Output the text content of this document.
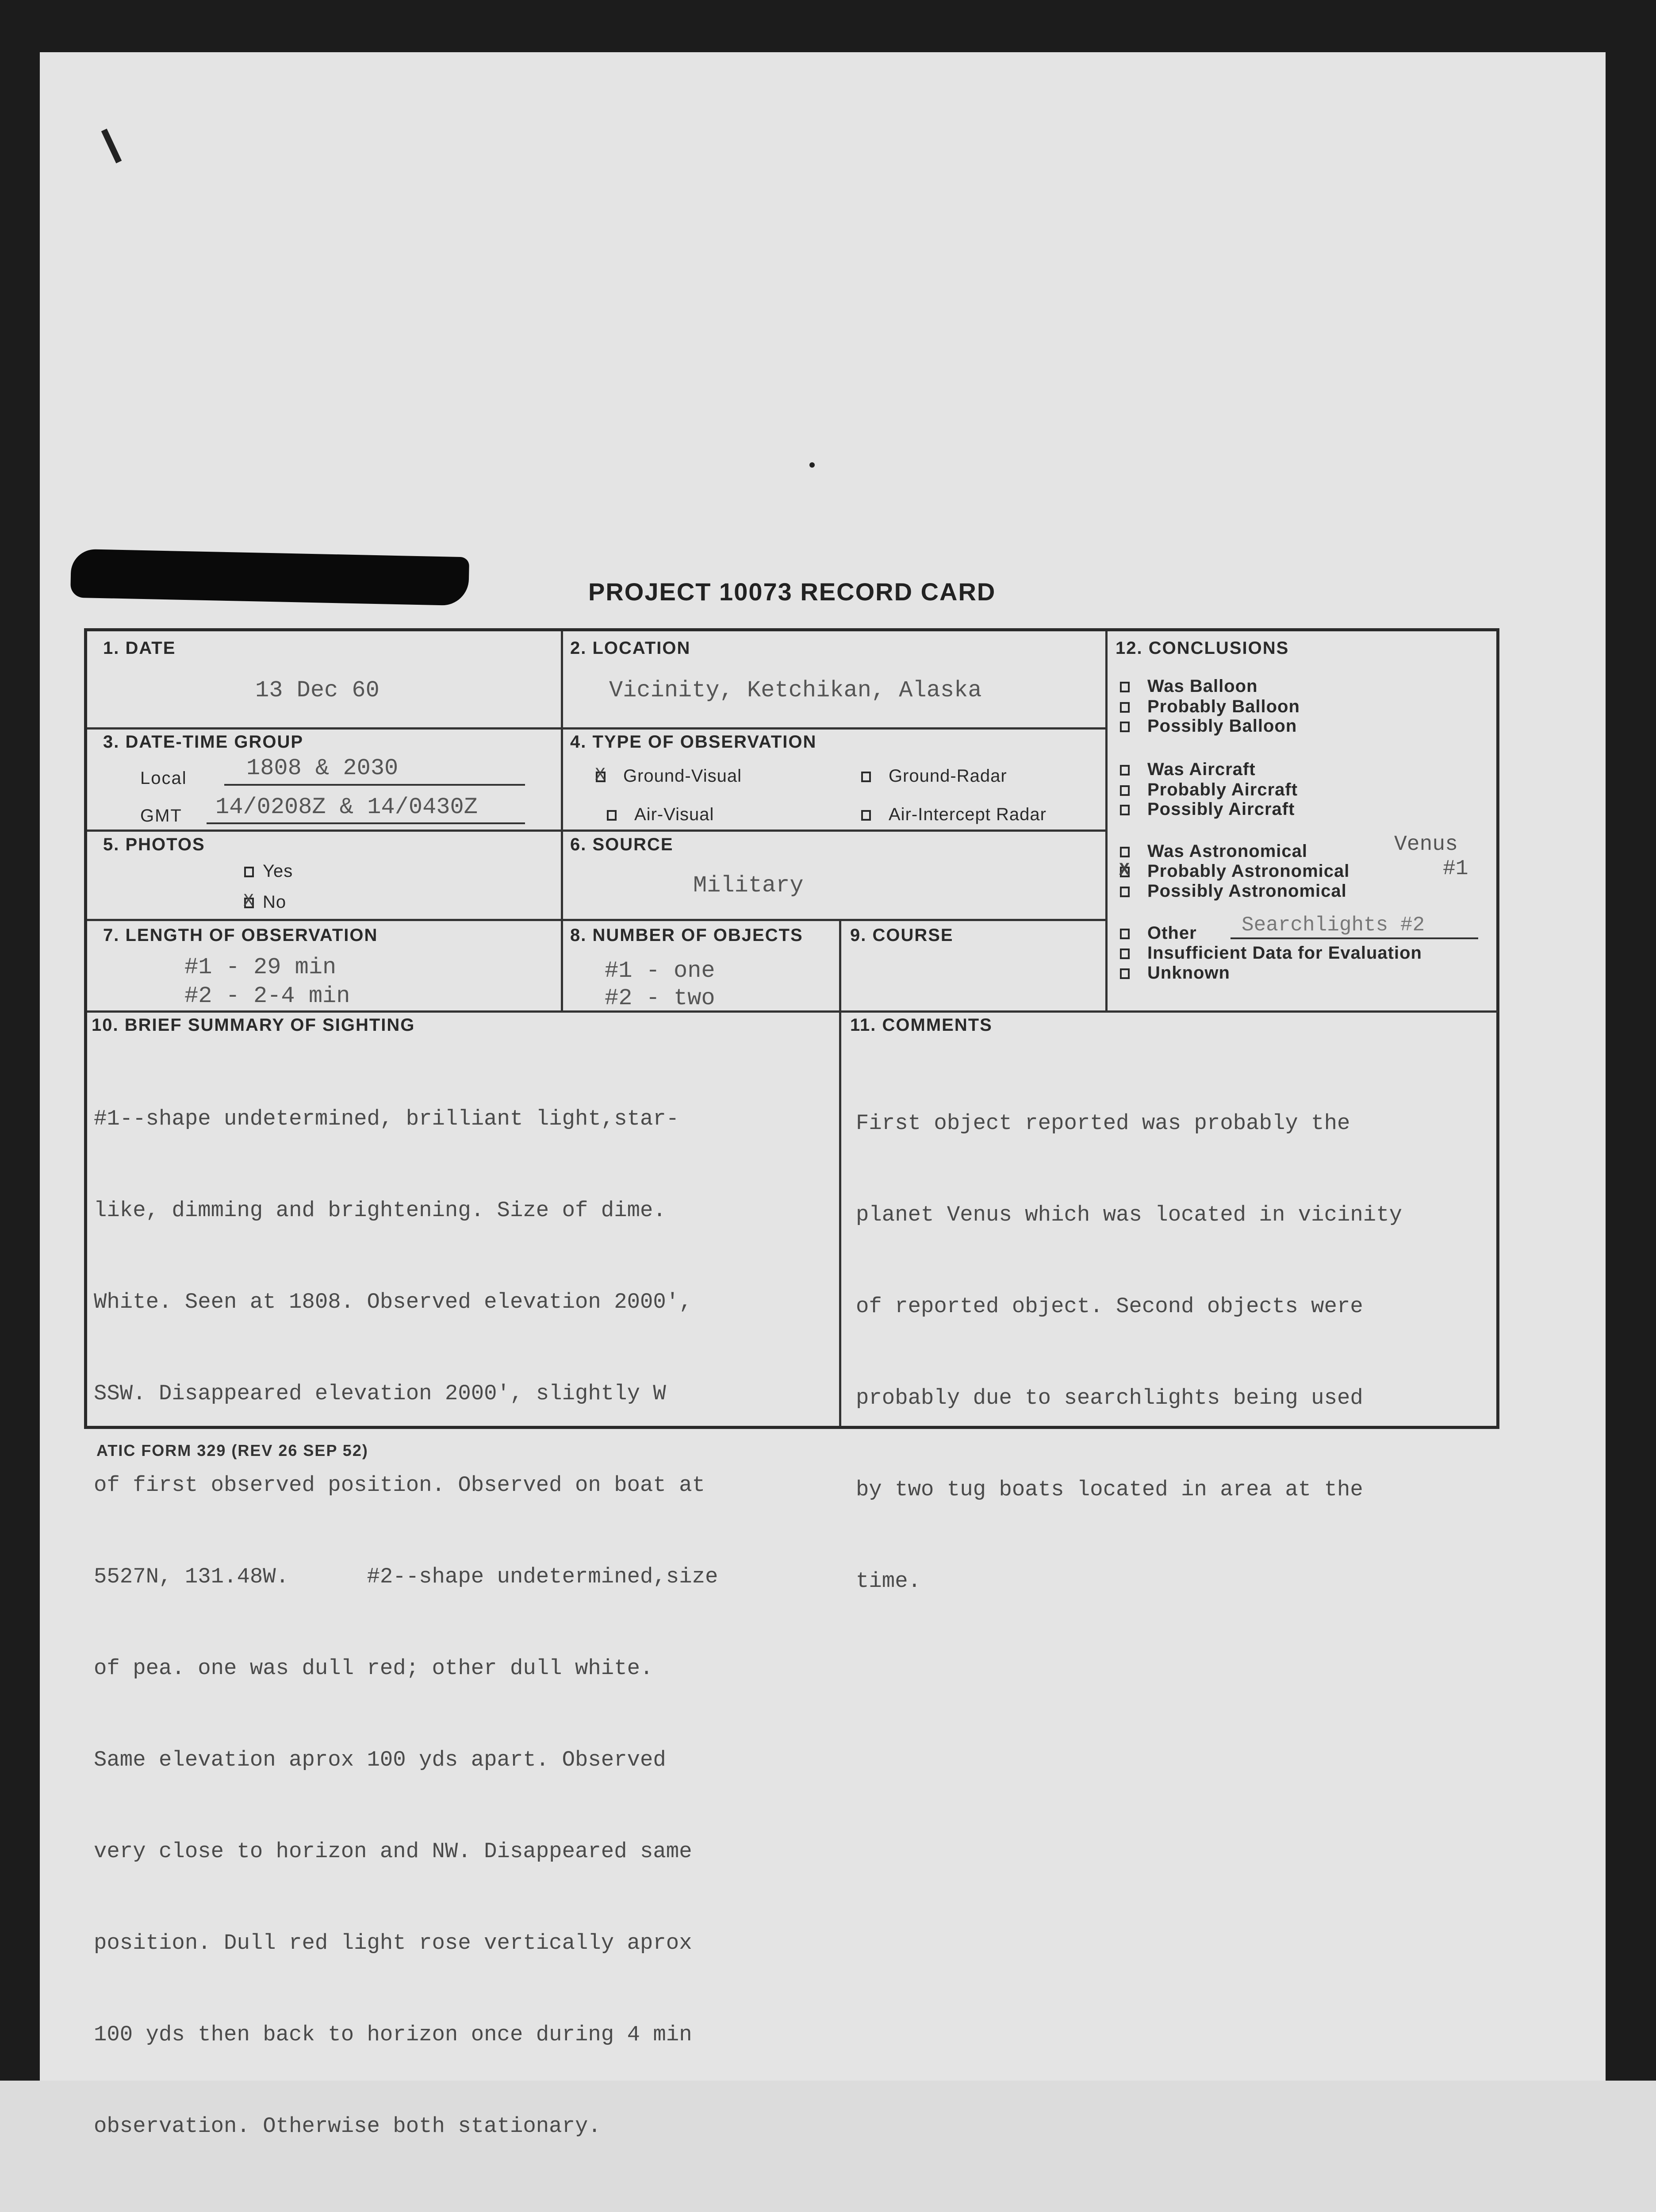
PROJECT 10073 RECORD CARD
1. DATE
13 Dec 60
2. LOCATION
Vicinity, Ketchikan, Alaska
3. DATE-TIME GROUP
Local	1808 & 2030
GMT 14/0208Z & 14/0430Z
4. TYPE OF OBSERVATION
XGround-Visual	Ground-Radar
Air-Visual	Air-Intercept Radar
5. PHOTOS
Yes
XNo
6. SOURCE
Military
7. LENGTH OF OBSERVATION
#1 - 29 min
#2 - 2-4 min
8. NUMBER OF OBJECTS
#1 - one
#2 - two
9. COURSE
10. BRIEF SUMMARY OF SIGHTING

#1--shape undetermined, brilliant light,star-

like, dimming and brightening. Size of dime.

White. Seen at 1808. Observed elevation 2000',

SSW. Disappeared elevation 2000', slightly W

of first observed position. Observed on boat at

5527N, 131.48W.      #2--shape undetermined,size

of pea. one was dull red; other dull white.

Same elevation aprox 100 yds apart. Observed

very close to horizon and NW. Disappeared same

position. Dull red light rose vertically aprox

100 yds then back to horizon once during 4 min

observation. Otherwise both stationary.

11. COMMENTS

First object reported was probably the

planet Venus which was located in vicinity

of reported object. Second objects were

probably due to searchlights being used

by two tug boats located in area at the

time.

12. CONCLUSIONS
Was Balloon
Probably Balloon
Possibly Balloon
Was Aircraft
Probably Aircraft
Possibly Aircraft
Was Astronomical
XProbably Astronomical
Possibly Astronomical
Venus
#1
Other Searchlights #2
Insufficient Data for Evaluation
Unknown
ATIC FORM 329 (REV 26 SEP 52)
